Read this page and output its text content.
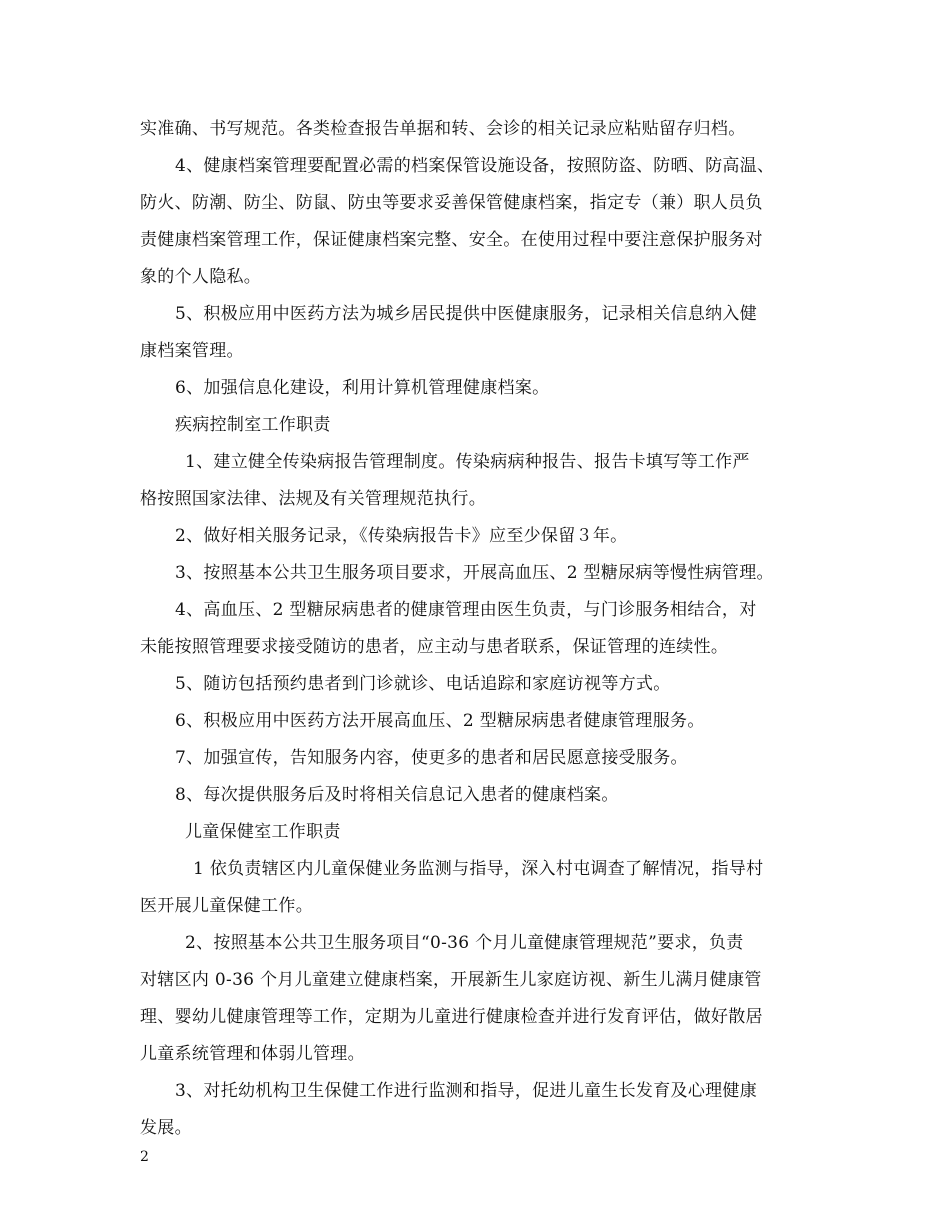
实准确、书写规范。各类检查报告单据和转、会诊的相关记录应粘贴留存归档。
4、健康档案管理要配置必需的档案保管设施设备，按照防盗、防晒、防高温、
防火、防潮、防尘、防鼠、防虫等要求妥善保管健康档案，指定专（兼）职人员负
责健康档案管理工作，保证健康档案完整、安全。在使用过程中要注意保护服务对
象的个人隐私。
5、积极应用中医药方法为城乡居民提供中医健康服务，记录相关信息纳入健
康档案管理。
6、加强信息化建设，利用计算机管理健康档案。
疾病控制室工作职责
1、建立健全传染病报告管理制度。传染病病种报告、报告卡填写等工作严
格按照国家法律、法规及有关管理规范执行。
2、做好相关服务记录，《传染病报告卡》应至少保留３年。
3、按照基本公共卫生服务项目要求，开展高血压、2 型糖尿病等慢性病管理。
4、高血压、2 型糖尿病患者的健康管理由医生负责，与门诊服务相结合，对
未能按照管理要求接受随访的患者，应主动与患者联系，保证管理的连续性。
5、随访包括预约患者到门诊就诊、电话追踪和家庭访视等方式。
6、积极应用中医药方法开展高血压、2 型糖尿病患者健康管理服务。
7、加强宣传，告知服务内容，使更多的患者和居民愿意接受服务。
8、每次提供服务后及时将相关信息记入患者的健康档案。
儿童保健室工作职责
1 依负责辖区内儿童保健业务监测与指导，深入村屯调查了解情况，指导村
医开展儿童保健工作。
2、按照基本公共卫生服务项目“0-36 个月儿童健康管理规范”要求，负责
对辖区内 0-36 个月儿童建立健康档案，开展新生儿家庭访视、新生儿满月健康管
理、婴幼儿健康管理等工作，定期为儿童进行健康检查并进行发育评估，做好散居
儿童系统管理和体弱儿管理。
3、对托幼机构卫生保健工作进行监测和指导，促进儿童生长发育及心理健康
发展。
2
